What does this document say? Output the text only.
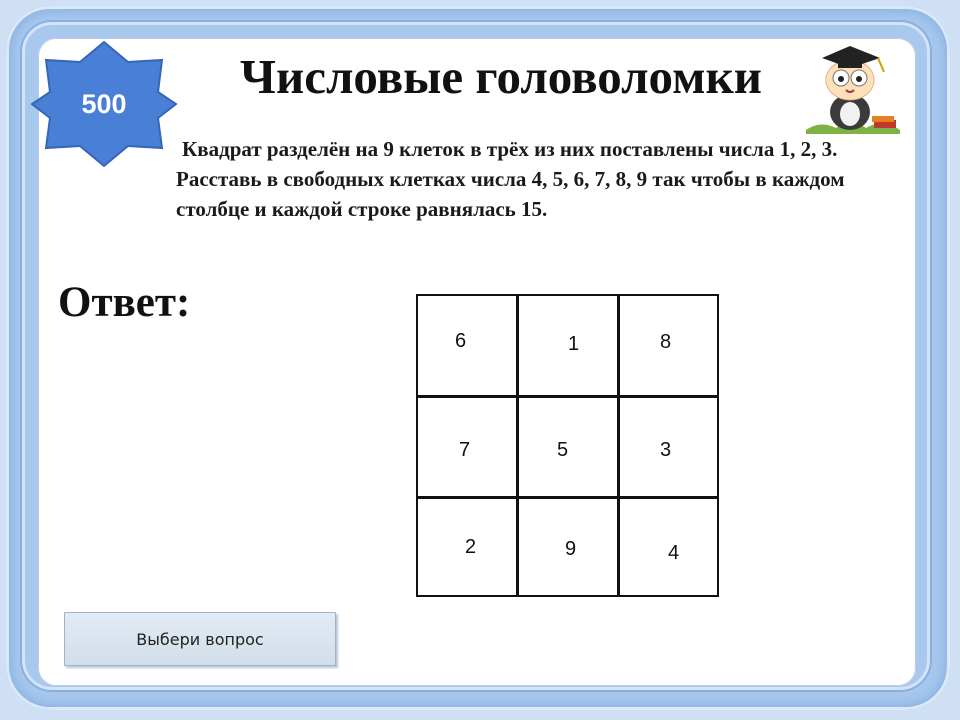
500	Числовые головоломки
Квадрат разделён на 9 клеток в трёх из них поставлены числа 1, 2, 3. Расставь в свободных клетках числа 4, 5, 6, 7, 8, 9 так чтобы в каждом столбце и каждой строке равнялась 15.
Ответ:
6	1	8
7	5	3
2	9	4
Выбери вопрос
